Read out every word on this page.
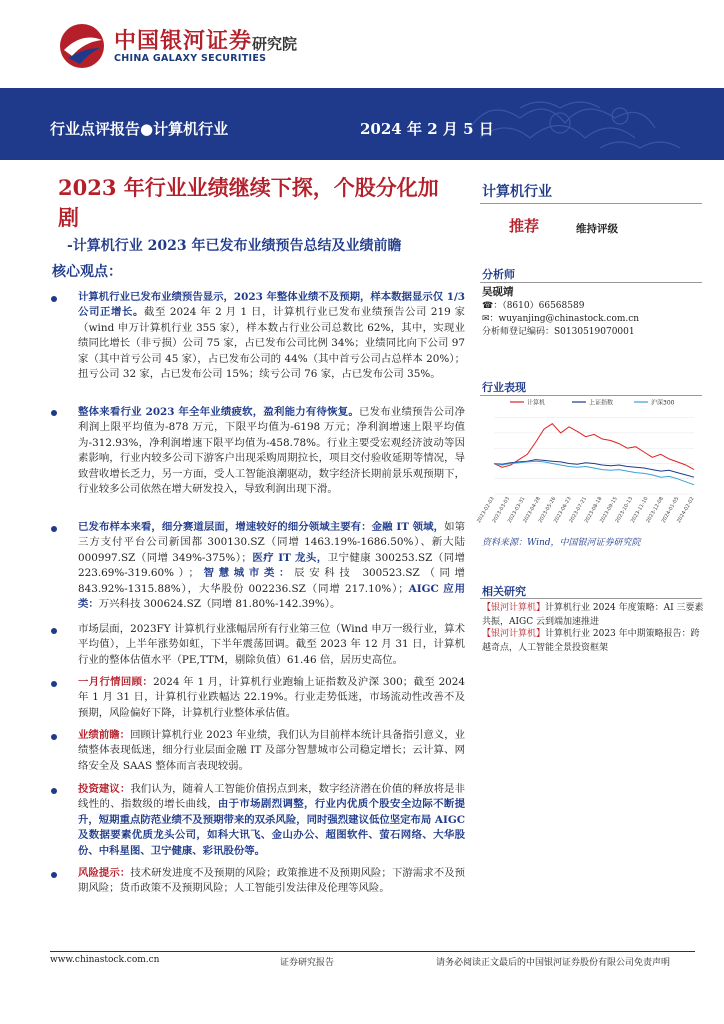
中国银河证券 研究院
CHINA GALAXY SECURITIES
行业点评报告●计算机行业	2024 年 2 月 5 日
2023 年行业业绩继续下探，个股分化加剧
-计算机行业 2023 年已发布业绩预告总结及业绩前瞻
核心观点：
计算机行业
推荐	维持评级
分析师
吴砚靖
☎：（8610）66568589
✉：wuyanjing@chinastock.com.cn
分析师登记编码：S0130519070001
行业表现
计算机	上证指数	沪深300
2023-02-03
2023-03-03
2023-03-31
2023-04-28
2023-05-26
2023-06-23
2023-07-21
2023-08-18
2023-09-15
2023-10-13
2023-11-10
2023-12-08
2024-01-05
2024-02-02
资料来源：Wind，中国银河证券研究院
相关研究
【银河计算机】计算机行业 2024 年度策略：AI 三要素共振，AIGC 云到端加速推进
【银河计算机】计算机行业 2023 年中期策略报告：跨越奇点，人工智能全景投资框架
计算机行业已发布业绩预告显示，2023 年整体业绩不及预期，样本数据显示仅 1/3 公司正增长。截至 2024 年 2 月 1 日，计算机行业已发布业绩预告公司 219 家（wind 申万计算机行业 355 家），样本数占行业公司总数比 62%，其中，实现业绩同比增长（非亏损）公司 75 家，占已发布公司比例 34%；业绩同比向下公司 97 家（其中首亏公司 45 家），占已发布公司的 44%（其中首亏公司占总样本 20%）；扭亏公司 32 家，占已发布公司 15%；续亏公司 76 家，占已发布公司 35%。
整体来看行业 2023 年全年业绩疲软，盈利能力有待恢复。已发布业绩预告公司净利润上限平均值为-878 万元，下限平均值为-6198 万元；净利润增速上限平均值为-312.93%，净利润增速下限平均值为-458.78%。行业主要受宏观经济波动等因素影响，行业内较多公司下游客户出现采购周期拉长，项目交付验收延期等情况，导致营收增长乏力，另一方面，受人工智能浪潮驱动，数字经济长期前景乐观预期下，行业较多公司依然在增大研发投入，导致利润出现下滑。
已发布样本来看，细分赛道层面，增速较好的细分领域主要有：金融 IT 领域，如第三方支付平台公司新国都 300130.SZ（同增 1463.19%-1686.50%）、新大陆 000997.SZ（同增 349%-375%）；医疗 IT 龙头，卫宁健康 300253.SZ（同增 223.69%-319.60%）；智慧城市类：辰安科技 300523.SZ（同增 843.92%-1315.88%），大华股份 002236.SZ（同增 217.10%）；AIGC 应用类：万兴科技 300624.SZ（同增 81.80%-142.39%）。
市场层面，2023FY 计算机行业涨幅居所有行业第三位（Wind 申万一级行业，算术平均值），上半年涨势如虹，下半年震荡回调。截至 2023 年 12 月 31 日，计算机行业的整体估值水平（PE,TTM，剔除负值）61.46 倍，居历史高位。
一月行情回顾：2024 年 1 月，计算机行业跑输上证指数及沪深 300；截至 2024 年 1 月 31 日，计算机行业跌幅达 22.19%。行业走势低迷，市场流动性改善不及预期，风险偏好下降，计算机行业整体承估值。
业绩前瞻：回顾计算机行业 2023 年业绩，我们认为目前样本统计具备指引意义，业绩整体表现低迷，细分行业层面金融 IT 及部分智慧城市公司稳定增长；云计算、网络安全及 SAAS 整体而言表现较弱。
投资建议：我们认为，随着人工智能价值拐点到来，数字经济潜在价值的释放将是非线性的、指数级的增长曲线，由于市场剧烈调整，行业内优质个股安全边际不断提升，短期重点防范业绩不及预期带来的双杀风险，同时强烈建议低位坚定布局 AIGC 及数据要素优质龙头公司，如科大讯飞、金山办公、超图软件、萤石网络、大华股份、中科星图、卫宁健康、彩讯股份等。
风险提示：技术研发进度不及预期的风险；政策推进不及预期风险；下游需求不及预期风险；货币政策不及预期风险；人工智能引发法律及伦理等风险。
www.chinastock.com.cn	证券研究报告	请务必阅读正文最后的中国银河证券股份有限公司免责声明
